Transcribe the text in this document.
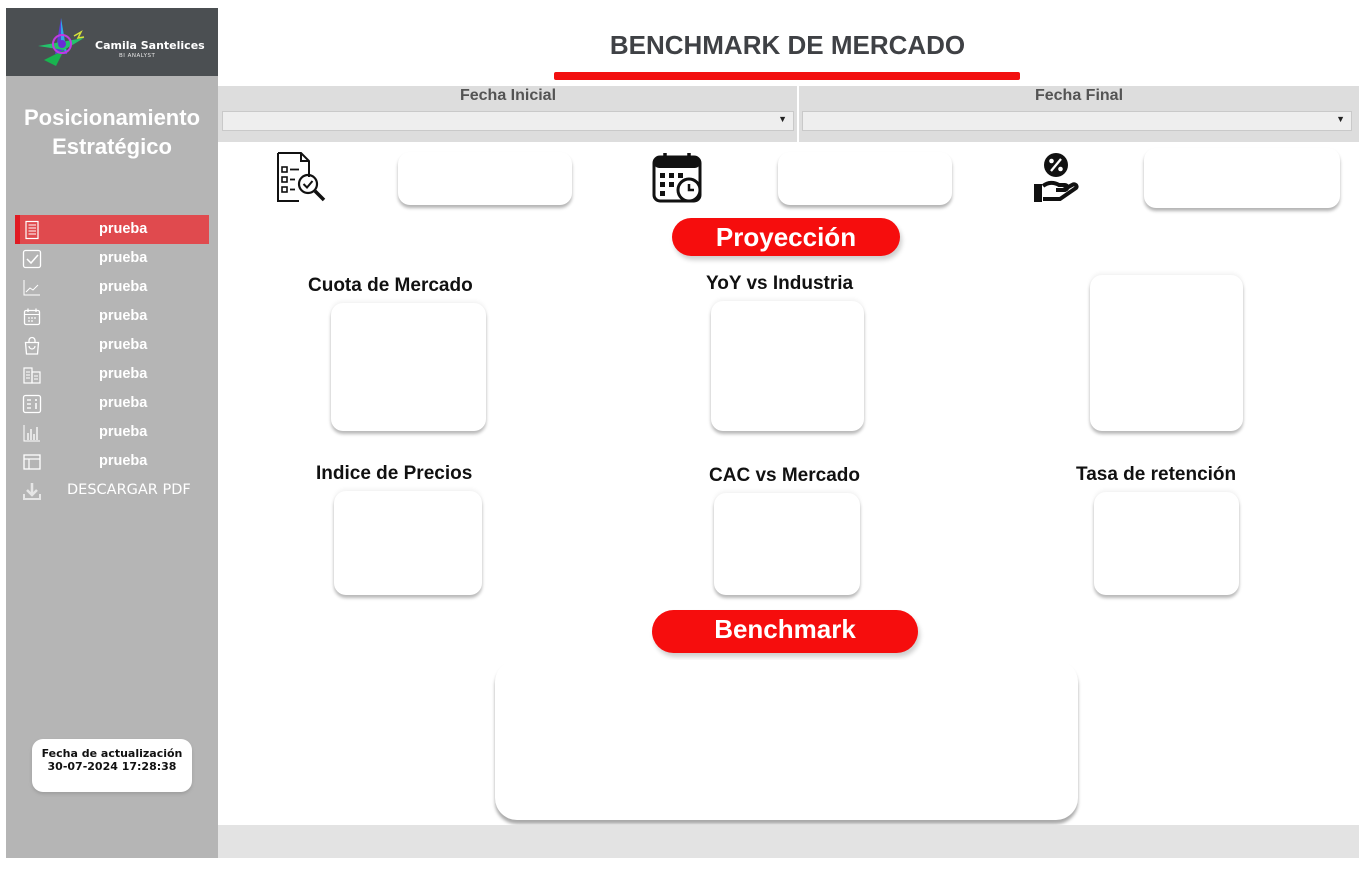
Camila Santelices
BI ANALYST
Posicionamiento
Estratégico
prueba
prueba
prueba
prueba
prueba
prueba
prueba
prueba
prueba
DESCARGAR PDF
Fecha de actualización
30-07-2024 17:28:38
BENCHMARK DE MERCADO
Fecha Inicial
▼
Fecha Final
▼
Proyección
Cuota de Mercado	YoY vs Industria
Indice de Precios	CAC vs Mercado	Tasa de retención
Benchmark
